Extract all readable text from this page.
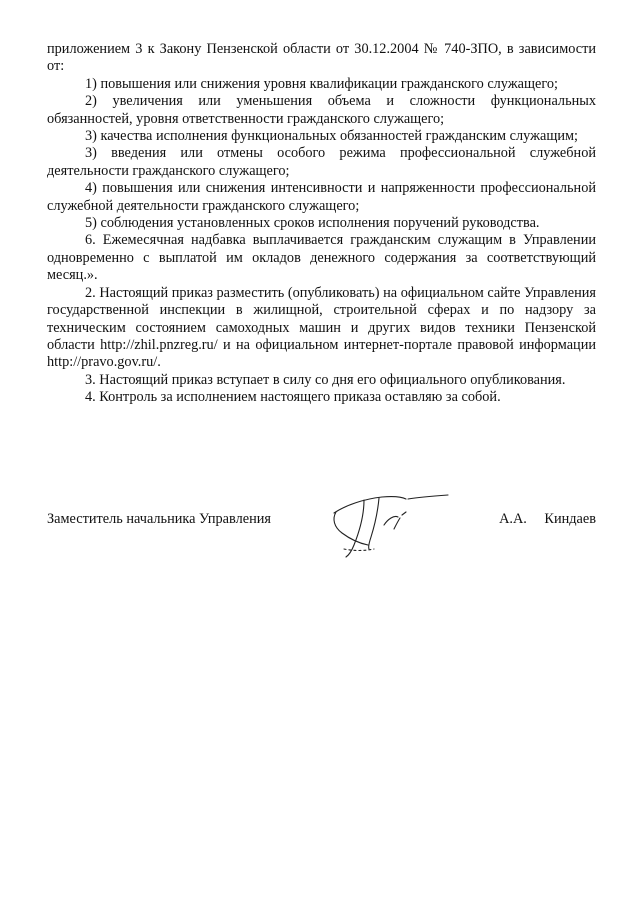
приложением 3 к Закону Пензенской области от 30.12.2004 № 740-ЗПО, в зависимости от:

1) повышения или снижения уровня квалификации гражданского служащего;

2) увеличения или уменьшения объема и сложности функциональных обязанностей, уровня ответственности гражданского служащего;

3) качества исполнения функциональных обязанностей гражданским служащим;

3) введения или отмены особого режима профессиональной служебной деятельности гражданского служащего;

4) повышения или снижения интенсивности и напряженности профессиональной служебной деятельности гражданского служащего;

5) соблюдения установленных сроков исполнения поручений руководства.

6. Ежемесячная надбавка выплачивается гражданским служащим в Управлении одновременно с выплатой им окладов денежного содержания за соответствующий месяц.».

2. Настоящий приказ разместить (опубликовать) на официальном сайте Управления государственной инспекции в жилищной, строительной сферах и по надзору за техническим состоянием самоходных машин и других видов техники Пензенской области http://zhil.pnzreg.ru/ и на официальном интернет-портале правовой информации http://pravo.gov.ru/.

3. Настоящий приказ вступает в силу со дня его официального опубликования.

4. Контроль за исполнением настоящего приказа оставляю за собой.

Заместитель начальника Управления	А.А. Киндаев
